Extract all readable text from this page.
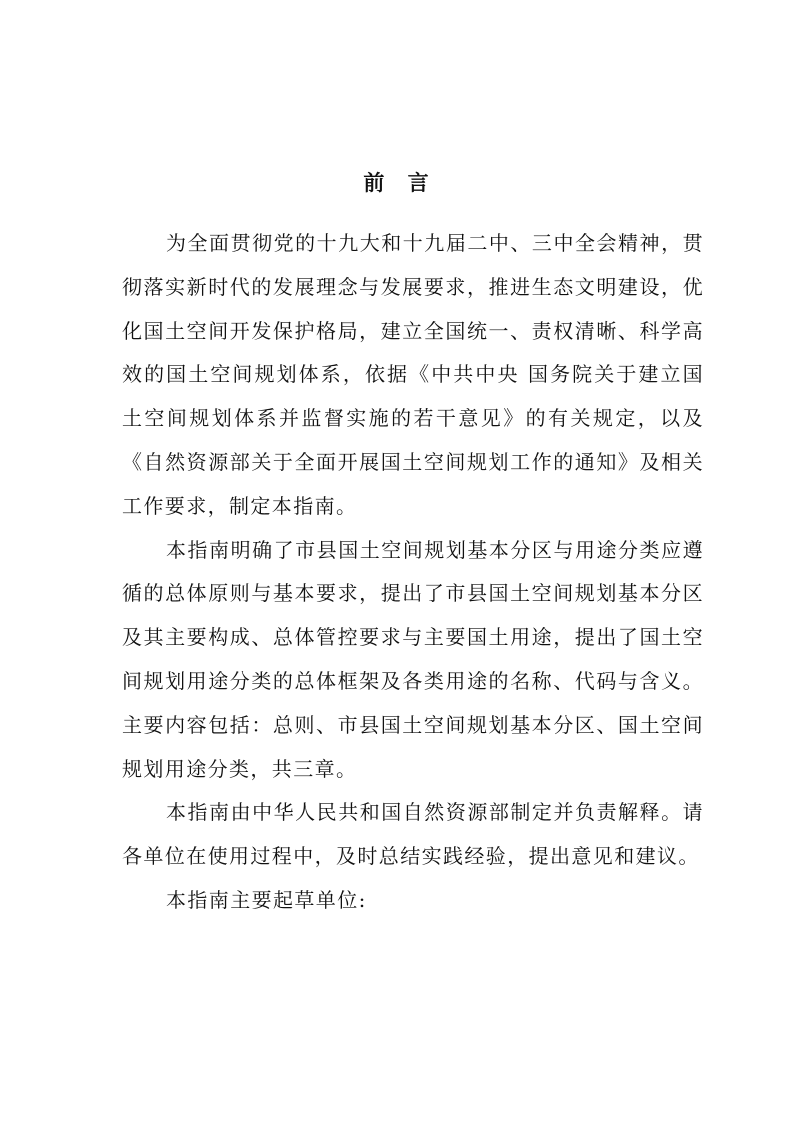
前 言

为全面贯彻党的十九大和十九届二中、三中全会精神，贯彻落实新时代的发展理念与发展要求，推进生态文明建设，优化国土空间开发保护格局，建立全国统一、责权清晰、科学高效的国土空间规划体系，依据《中共中央 国务院关于建立国土空间规划体系并监督实施的若干意见》的有关规定，以及《自然资源部关于全面开展国土空间规划工作的通知》及相关工作要求，制定本指南。

本指南明确了市县国土空间规划基本分区与用途分类应遵循的总体原则与基本要求，提出了市县国土空间规划基本分区及其主要构成、总体管控要求与主要国土用途，提出了国土空间规划用途分类的总体框架及各类用途的名称、代码与含义。主要内容包括：总则、市县国土空间规划基本分区、国土空间规划用途分类，共三章。

本指南由中华人民共和国自然资源部制定并负责解释。请各单位在使用过程中，及时总结实践经验，提出意见和建议。

本指南主要起草单位:
